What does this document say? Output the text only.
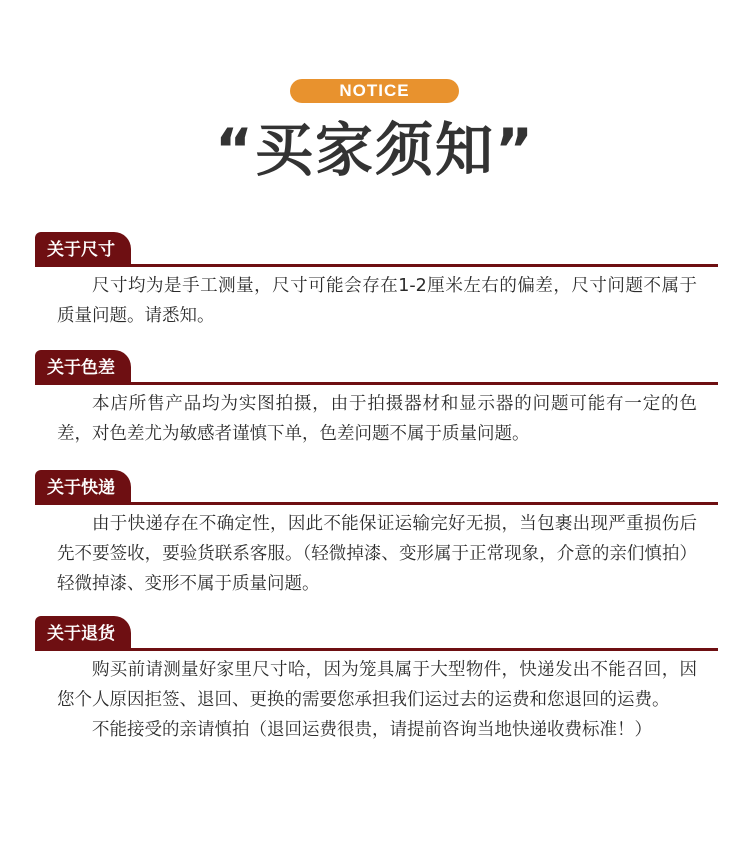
NOTICE
“买家须知”
关于尺寸

尺寸均为是手工测量，尺寸可能会存在1-2厘米左右的偏差，尺寸问题不属于质量问题。请悉知。

关于色差

本店所售产品均为实图拍摄，由于拍摄器材和显示器的问题可能有一定的色差，对色差尤为敏感者谨慎下单，色差问题不属于质量问题。

关于快递

由于快递存在不确定性，因此不能保证运输完好无损，当包裹出现严重损伤后先不要签收，要验货联系客服。（轻微掉漆、变形属于正常现象，介意的亲们慎拍）轻微掉漆、变形不属于质量问题。

关于退货

购买前请测量好家里尺寸哈，因为笼具属于大型物件，快递发出不能召回，因您个人原因拒签、退回、更换的需要您承担我们运过去的运费和您退回的运费。

不能接受的亲请慎拍（退回运费很贵，请提前咨询当地快递收费标准！）
